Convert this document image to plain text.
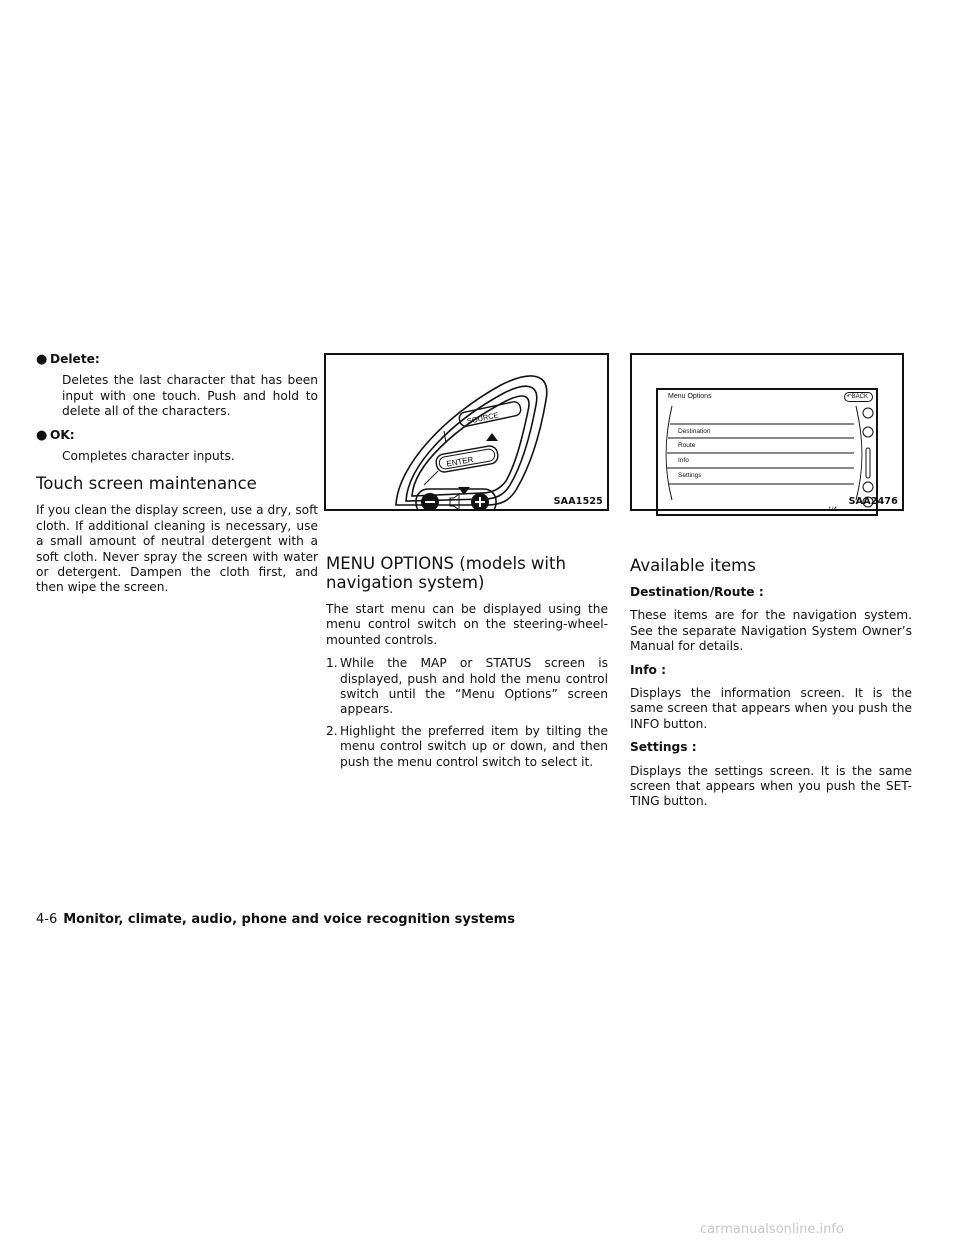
● Delete:

Deletes the last character that has been input with one touch. Push and hold to delete all of the characters.

● OK:

Completes character inputs.

Touch screen maintenance

If you clean the display screen, use a dry, soft cloth. If additional cleaning is necessary, use a small amount of neutral detergent with a soft cloth. Never spray the screen with water or detergent. Dampen the cloth first, and then wipe the screen.

SOURCE
ENTER
SAA1525
MENU OPTIONS (models with navigation system)

The start menu can be displayed using the menu control switch on the steering-wheel-mounted controls.

1. While the MAP or STATUS screen is displayed, push and hold the menu control switch until the “Menu Options” screen appears.
2. Highlight the preferred item by tilting the menu control switch up or down, and then push the menu control switch to select it.
Menu Options	↶BACK
Destination
Route
Info
Settings
1/4
SAA2476
Available items

Destination/Route :

These items are for the navigation system. See the separate Navigation System Owner’s Manual for details.

Info :

Displays the information screen. It is the same screen that appears when you push the INFO button.

Settings :

Displays the settings screen. It is the same screen that appears when you push the SET-TING button.

4-6 Monitor, climate, audio, phone and voice recognition systems
carmanualsonline.info
